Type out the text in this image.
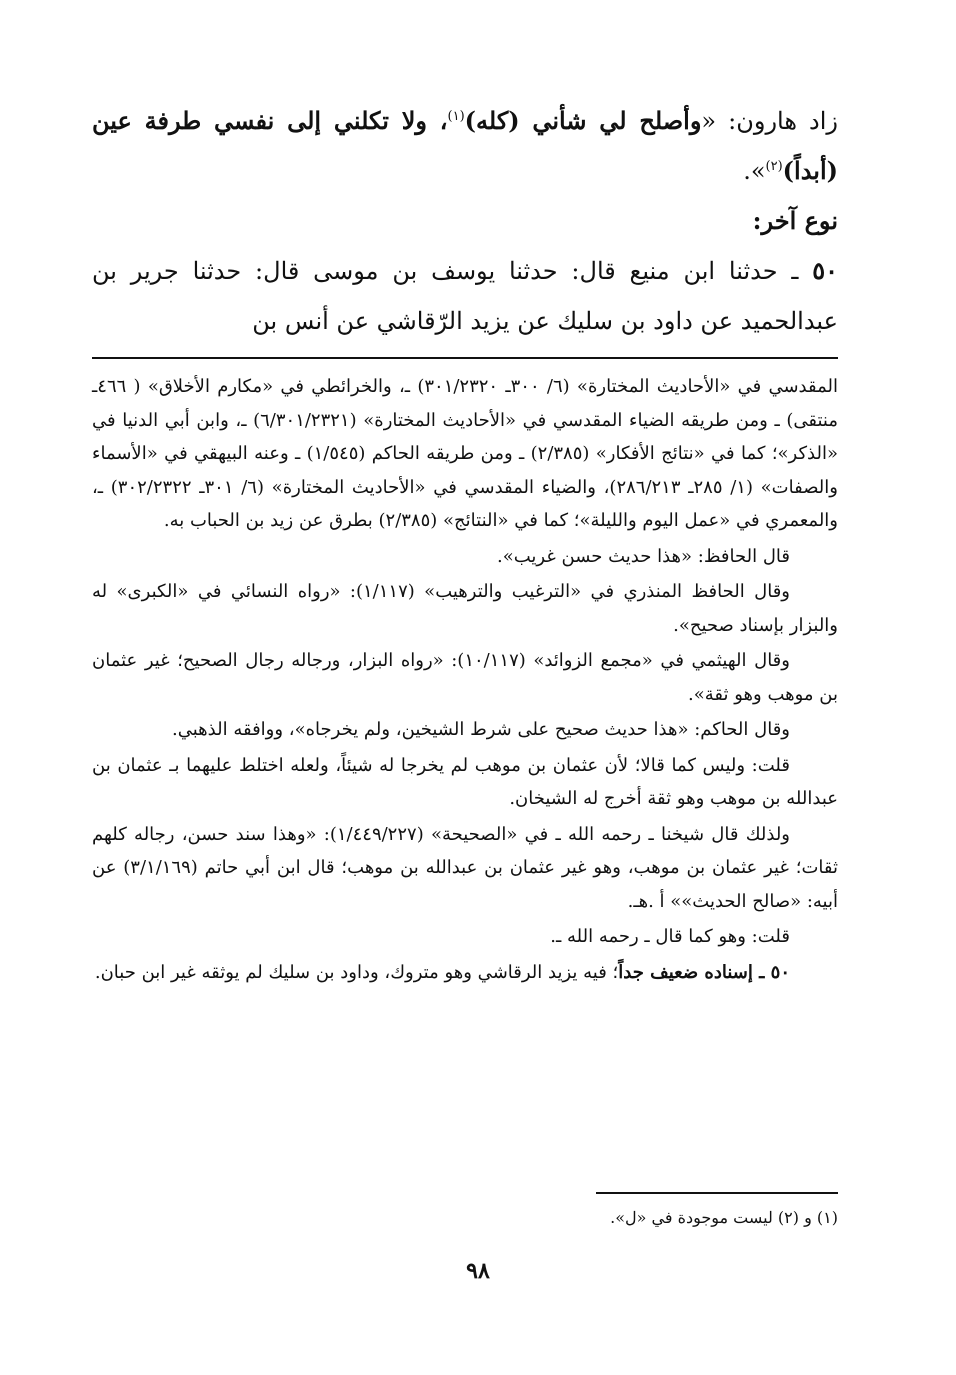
زاد هارون: «وأصلح لي شأني (كله)$^{(١)}$، ولا تكلني إلى نفسي طرفة عين (أبداً)$^{(٢)}$».

نوع آخر:

٥٠ ـ حدثنا ابن منيع قال: حدثنا يوسف بن موسى قال: حدثنا جرير بن عبدالحميد عن داود بن سليك عن يزيد الرّقاشي عن أنس بن

المقدسي في «الأحاديث المختارة» (٦/ ٣٠٠ـ ٣٠١/٢٣٢٠) ـ، والخرائطي في «مكارم الأخلاق» ( ٤٦٦ـ منتقى) ـ ومن طريقه الضياء المقدسي في «الأحاديث المختارة» (٦/٣٠١/٢٣٢١) ـ، وابن أبي الدنيا في «الذكر»؛ كما في «نتائج الأفكار» (٢/٣٨٥) ـ ومن طريقه الحاكم (١/٥٤٥) ـ وعنه البيهقي في «الأسماء والصفات» (١/ ٢٨٥ـ ٢٨٦/٢١٣)، والضياء المقدسي في «الأحاديث المختارة» (٦/ ٣٠١ـ ٣٠٢/٢٣٢٢) ـ، والمعمري في «عمل اليوم والليلة»؛ كما في «النتائج» (٢/٣٨٥) بطرق عن زيد بن الحباب به.

قال الحافظ: «هذا حديث حسن غريب».

وقال الحافظ المنذري في «الترغيب والترهيب» (١/١١٧): «رواه النسائي في «الكبرى» له والبزار بإسناد صحيح».

وقال الهيثمي في «مجمع الزوائد» (١٠/١١٧): «رواه البزار، ورجاله رجال الصحيح؛ غير عثمان بن موهب وهو ثقة».

وقال الحاكم: «هذا حديث صحيح على شرط الشيخين، ولم يخرجاه»، ووافقه الذهبي.

قلت: وليس كما قالا؛ لأن عثمان بن موهب لم يخرجا له شيئاً، ولعله اختلط عليهما بـ عثمان بن عبدالله بن موهب وهو ثقة أخرج له الشيخان.

ولذلك قال شيخنا ـ رحمه الله ـ في «الصحيحة» (١/٤٤٩/٢٢٧): «وهذا سند حسن، رجاله كلهم ثقات؛ غير عثمان بن موهب، وهو غير عثمان بن عبدالله بن موهب؛ قال ابن أبي حاتم (٣/١/١٦٩) عن أبيه: «صالح الحديث»» أ .هـ.

قلت: وهو كما قال ـ رحمه الله ـ.

٥٠ ـ إسناده ضعيف جداً؛ فيه يزيد الرقاشي وهو متروك، وداود بن سليك لم يوثقه غير ابن حبان.

(١) و (٢) ليست موجودة في «ل».
٩٨
